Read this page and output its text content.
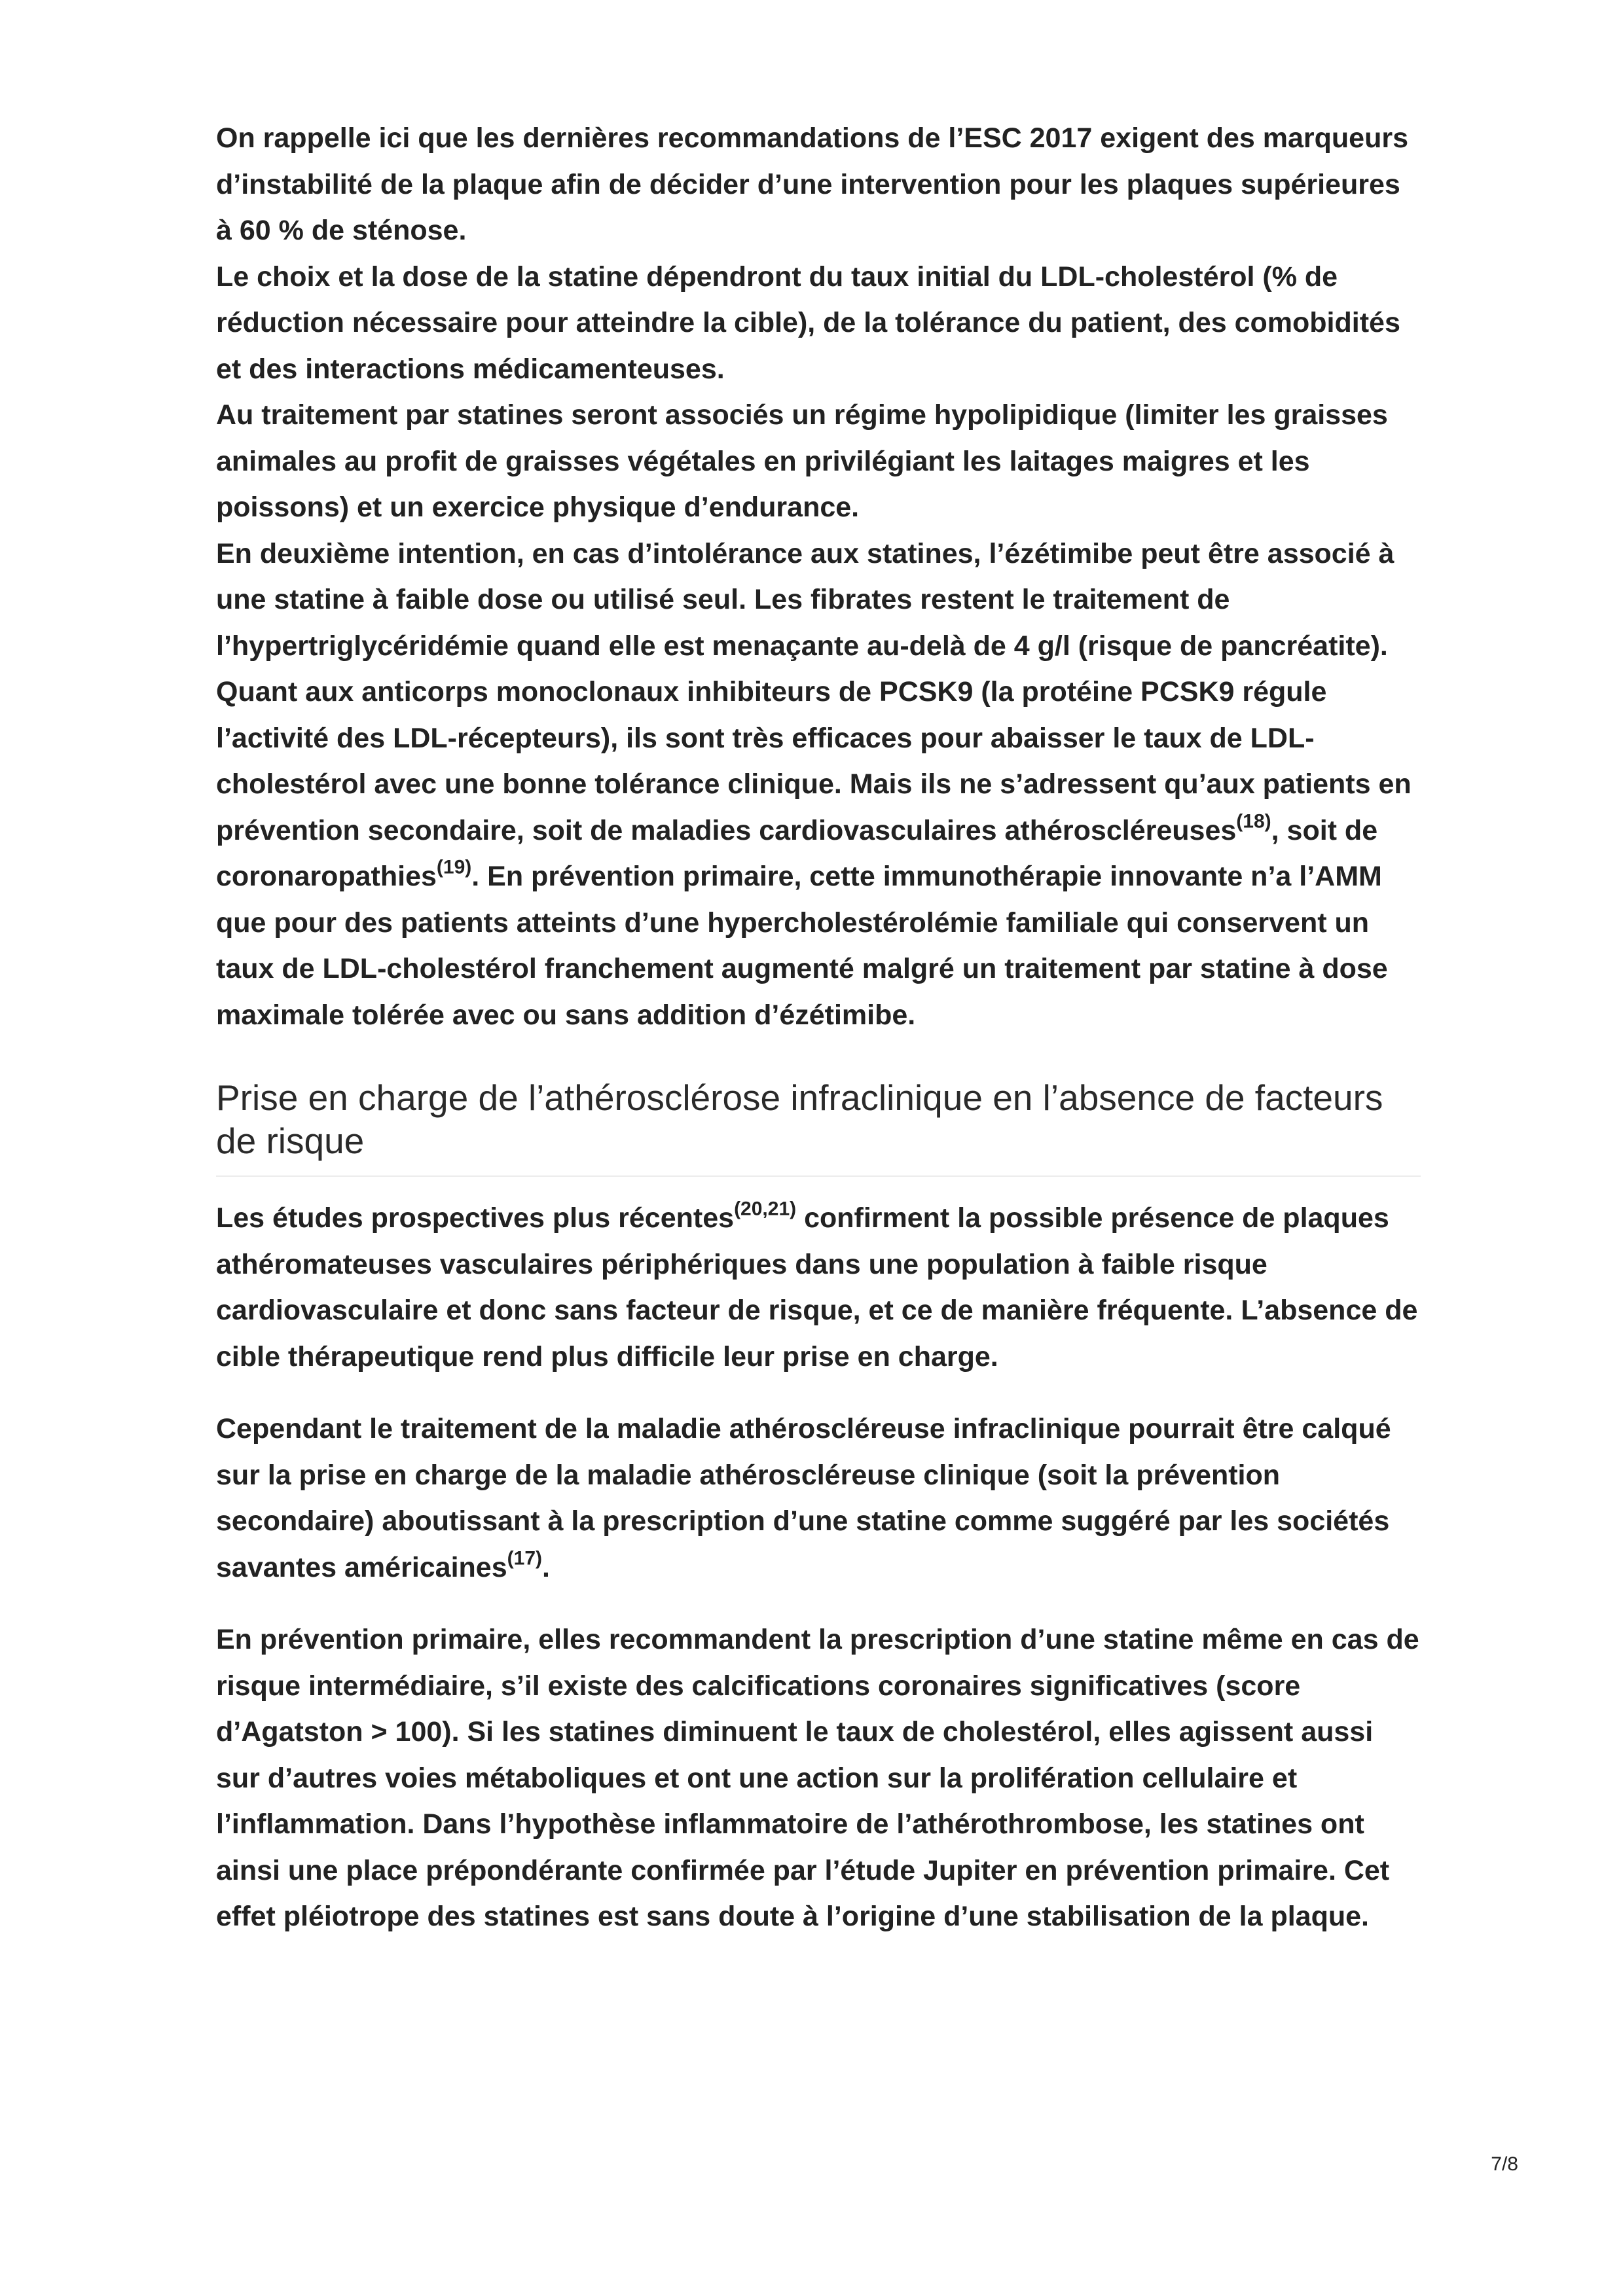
On rappelle ici que les dernières recommandations de l’ESC 2017 exigent des marqueurs d’instabilité de la plaque afin de décider d’une intervention pour les plaques supérieures à 60 % de sténose.

Le choix et la dose de la statine dépendront du taux initial du LDL-cholestérol (% de réduction nécessaire pour atteindre la cible), de la tolérance du patient, des comobidités et des interactions médicamenteuses.

Au traitement par statines seront associés un régime hypolipidique (limiter les graisses animales au profit de graisses végétales en privilégiant les laitages maigres et les poissons) et un exercice physique d’endurance.

En deuxième intention, en cas d’intolérance aux statines, l’ézétimibe peut être associé à une statine à faible dose ou utilisé seul. Les fibrates restent le traitement de l’hypertriglycéridémie quand elle est menaçante au-delà de 4 g/l (risque de pancréatite).

Quant aux anticorps monoclonaux inhibiteurs de PCSK9 (la protéine PCSK9 régule l’activité des LDL-récepteurs), ils sont très efficaces pour abaisser le taux de LDL-cholestérol avec une bonne tolérance clinique. Mais ils ne s’adressent qu’aux patients en prévention secondaire, soit de maladies cardiovasculaires athéroscléreuses$^{(18)}$, soit de coronaropathies$^{(19)}$. En prévention primaire, cette immunothérapie innovante n’a l’AMM que pour des patients atteints d’une hypercholestérolémie familiale qui conservent un taux de LDL-cholestérol franchement augmenté malgré un traitement par statine à dose maximale tolérée avec ou sans addition d’ézétimibe.

Prise en charge de l’athérosclérose infraclinique en l’absence de facteurs de risque

Les études prospectives plus récentes$^{(20,21)}$ confirment la possible présence de plaques athéromateuses vasculaires périphériques dans une population à faible risque cardiovasculaire et donc sans facteur de risque, et ce de manière fréquente. L’absence de cible thérapeutique rend plus difficile leur prise en charge.

Cependant le traitement de la maladie athéroscléreuse infraclinique pourrait être calqué sur la prise en charge de la maladie athéroscléreuse clinique (soit la prévention secondaire) aboutissant à la prescription d’une statine comme suggéré par les sociétés savantes américaines$^{(17)}$.

En prévention primaire, elles recommandent la prescription d’une statine même en cas de risque intermédiaire, s’il existe des calcifications coronaires significatives (score d’Agatston > 100). Si les statines diminuent le taux de cholestérol, elles agissent aussi sur d’autres voies métaboliques et ont une action sur la prolifération cellulaire et l’inflammation. Dans l’hypothèse inflammatoire de l’athérothrombose, les statines ont ainsi une place prépondérante confirmée par l’étude Jupiter en prévention primaire. Cet effet pléiotrope des statines est sans doute à l’origine d’une stabilisation de la plaque.

7/8
